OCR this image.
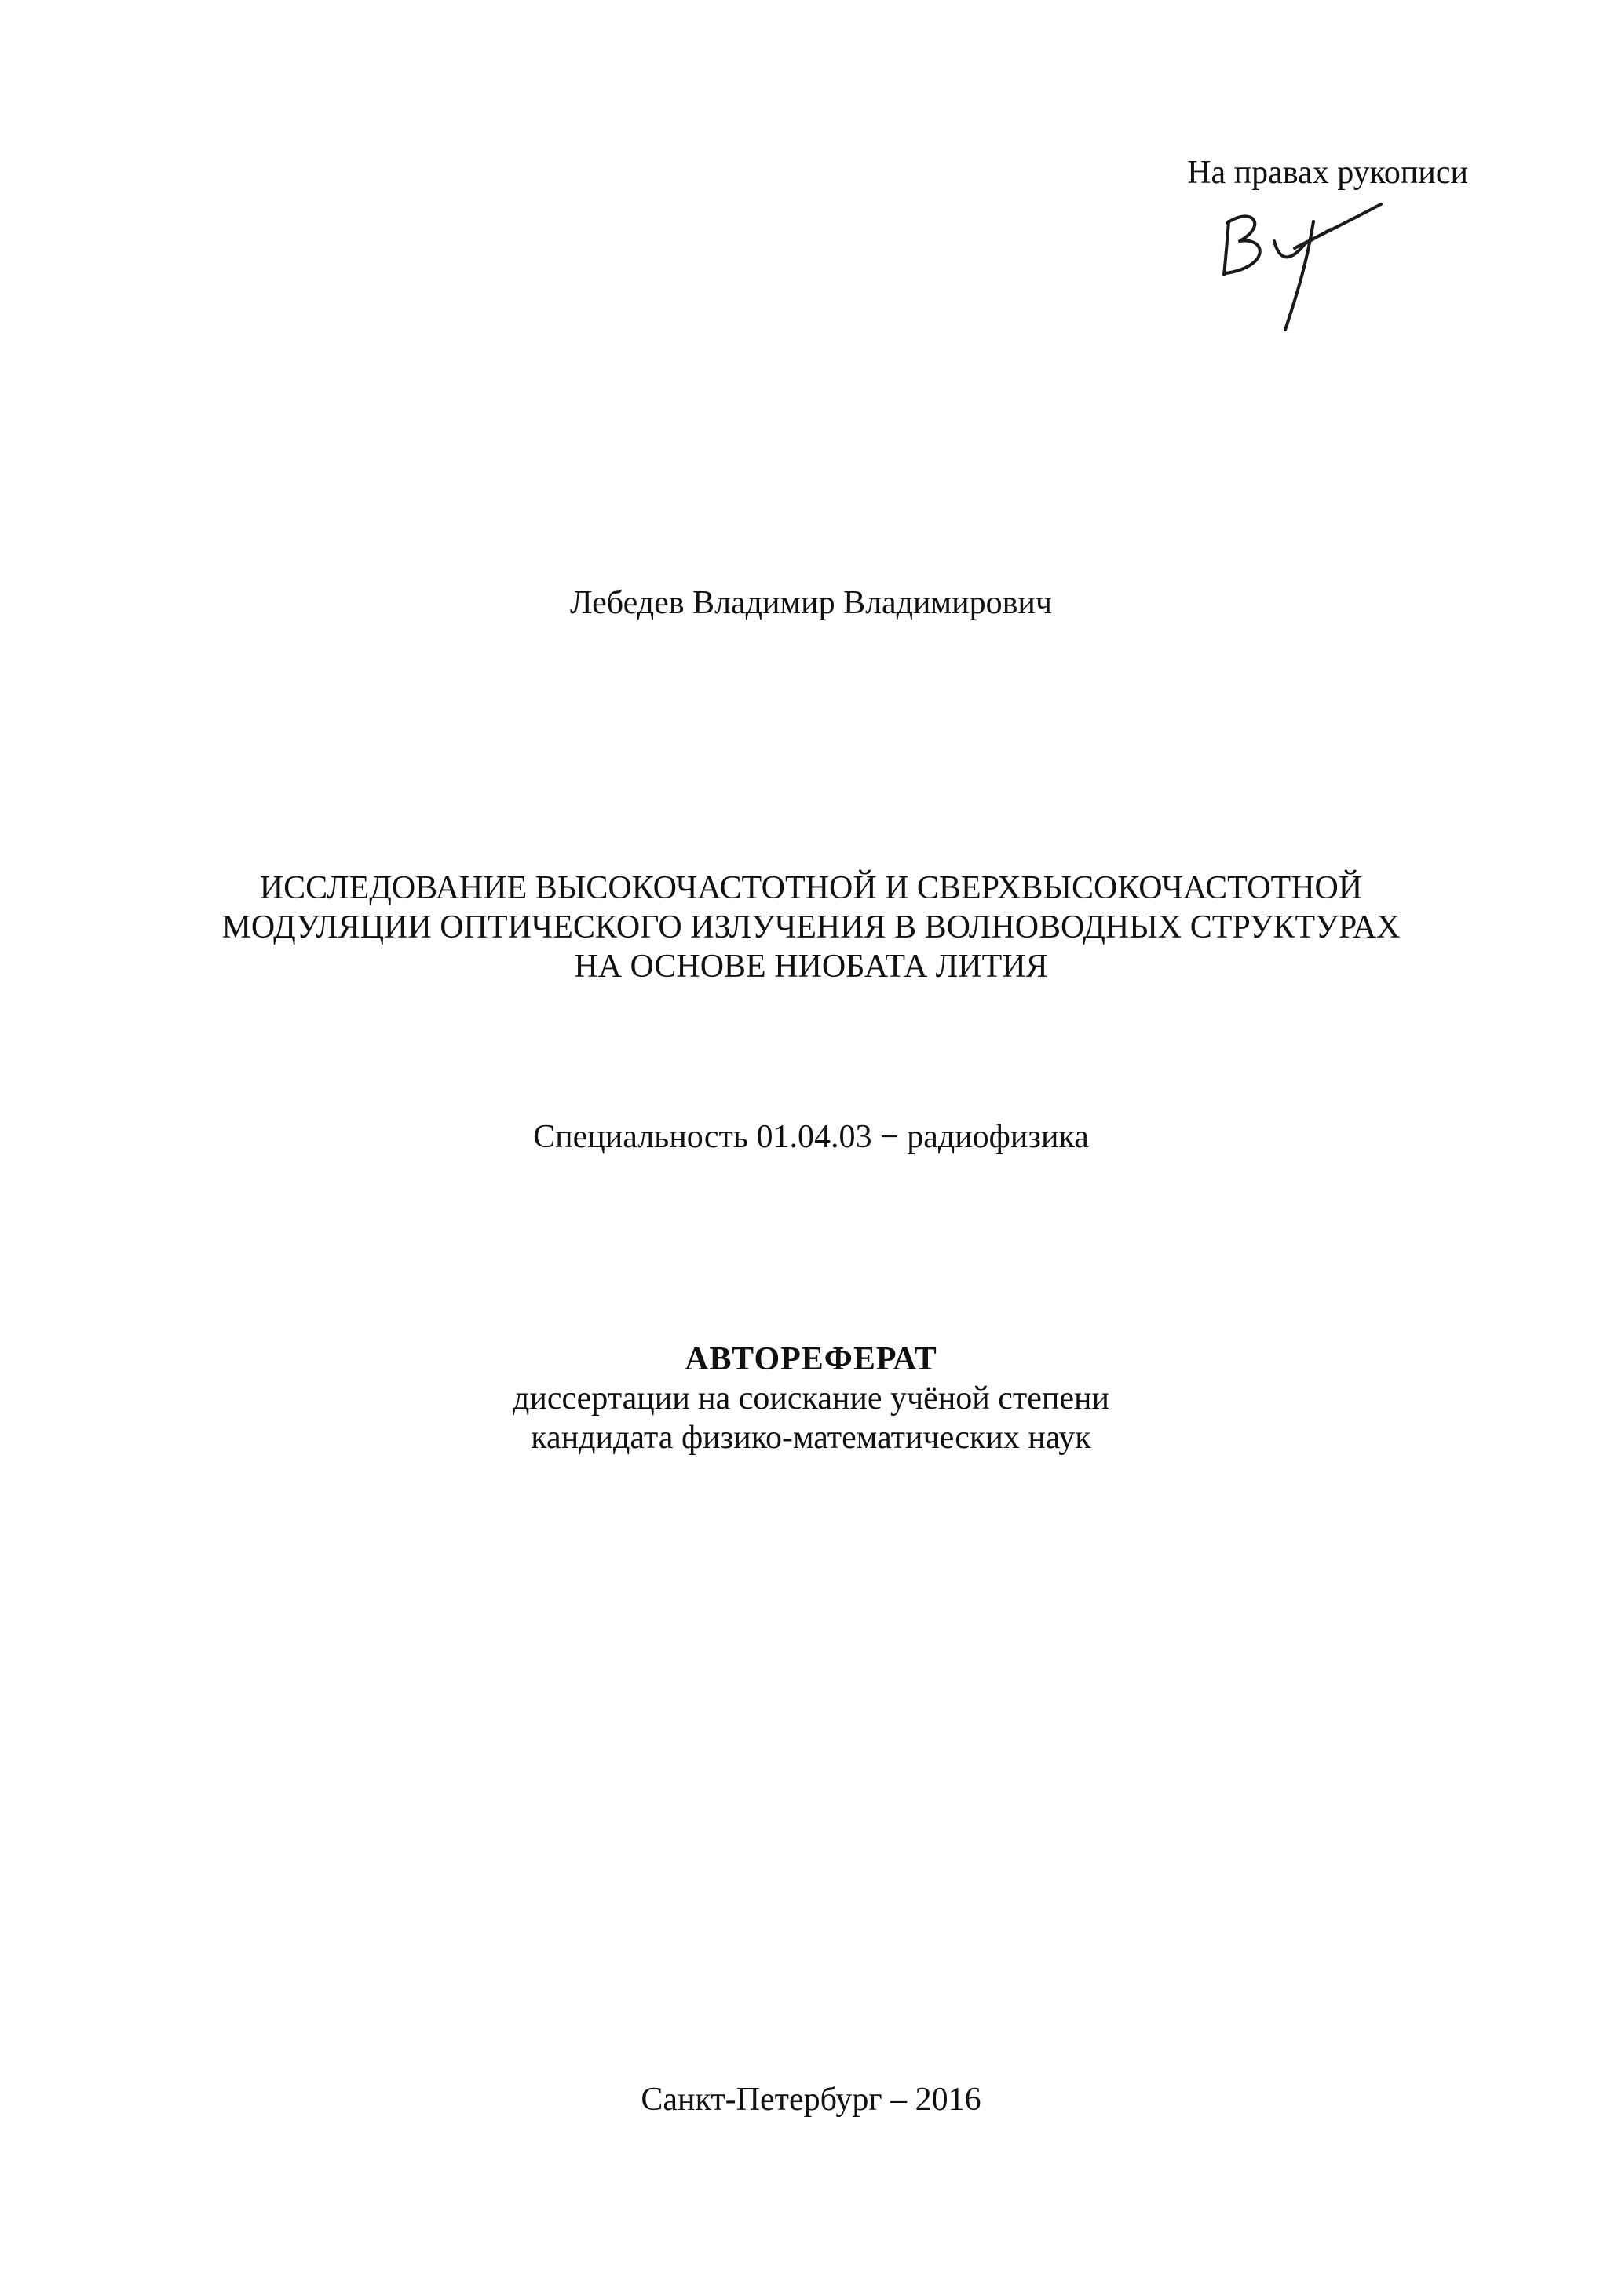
На правах рукописи
Лебедев Владимир Владимирович
ИССЛЕДОВАНИЕ ВЫСОКОЧАСТОТНОЙ И СВЕРХВЫСОКОЧАСТОТНОЙ
МОДУЛЯЦИИ ОПТИЧЕСКОГО ИЗЛУЧЕНИЯ В ВОЛНОВОДНЫХ СТРУКТУРАХ
НА ОСНОВЕ НИОБАТА ЛИТИЯ
Специальность 01.04.03 − радиофизика
АВТОРЕФЕРАТ
диссертации на соискание учёной степени
кандидата физико-математических наук
Санкт-Петербург – 2016
